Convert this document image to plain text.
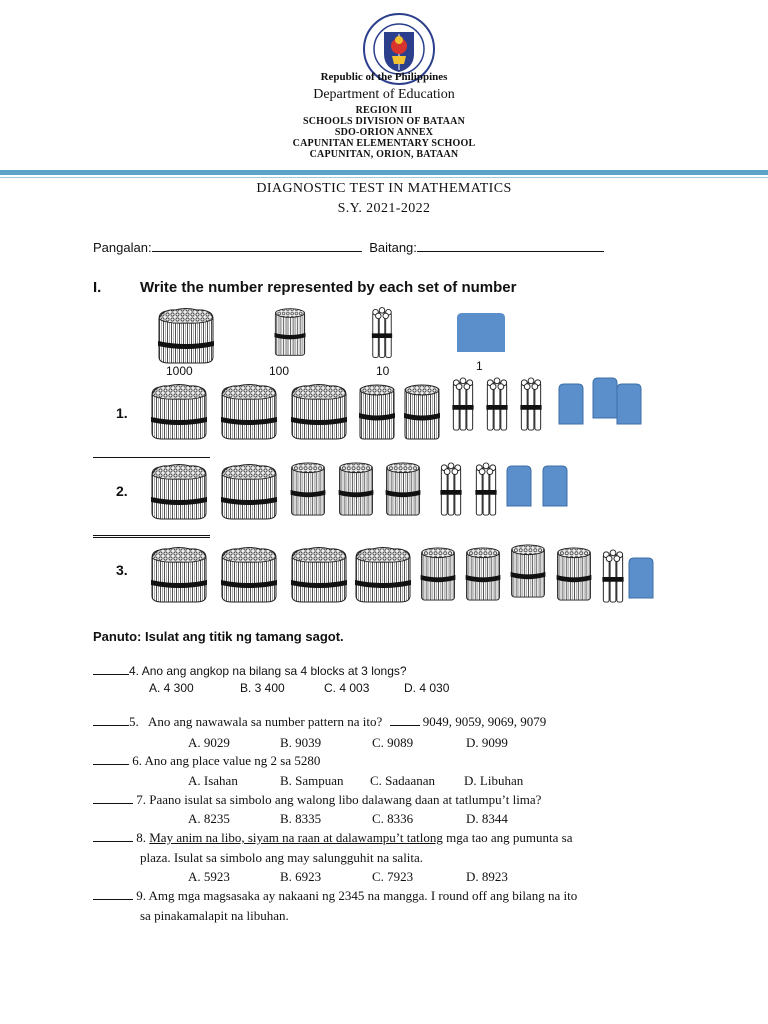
Republic of the Philippines
Department of Education
REGION III
SCHOOLS DIVISION OF BATAAN
SDO-ORION ANNEX
CAPUNITAN ELEMENTARY SCHOOL
CAPUNITAN, ORION, BATAAN
DIAGNOSTIC TEST IN MATHEMATICS
S.Y. 2021-2022
Pangalan:	Baitang:
I.	Write the number represented by each set of number
1000	100	10	1
1.
2.
3.
Panuto: Isulat ang titik ng tamang sagot.
4. Ano ang angkop na bilang sa 4 blocks at 3 longs?
A. 4 300	B. 3 400	C. 4 003	D. 4 030
5. Ano ang nawawala sa number pattern na ito?	9049, 9059, 9069, 9079
A. 9029	B. 9039	C. 9089	D. 9099
6. Ano ang place value ng 2 sa 5280
A. Isahan	B. Sampuan	C. Sadaanan	D. Libuhan
7. Paano isulat sa simbolo ang walong libo dalawang daan at tatlumpu’t lima?
A. 8235	B. 8335	C. 8336	D. 8344
8. May anim na libo, siyam na raan at dalawampu’t tatlong mga tao ang pumunta sa
plaza. Isulat sa simbolo ang may salungguhit na salita.
A. 5923	B. 6923	C. 7923	D. 8923
9. Amg mga magsasaka ay nakaani ng 2345 na mangga. I round off ang bilang na ito
sa pinakamalapit na libuhan.
